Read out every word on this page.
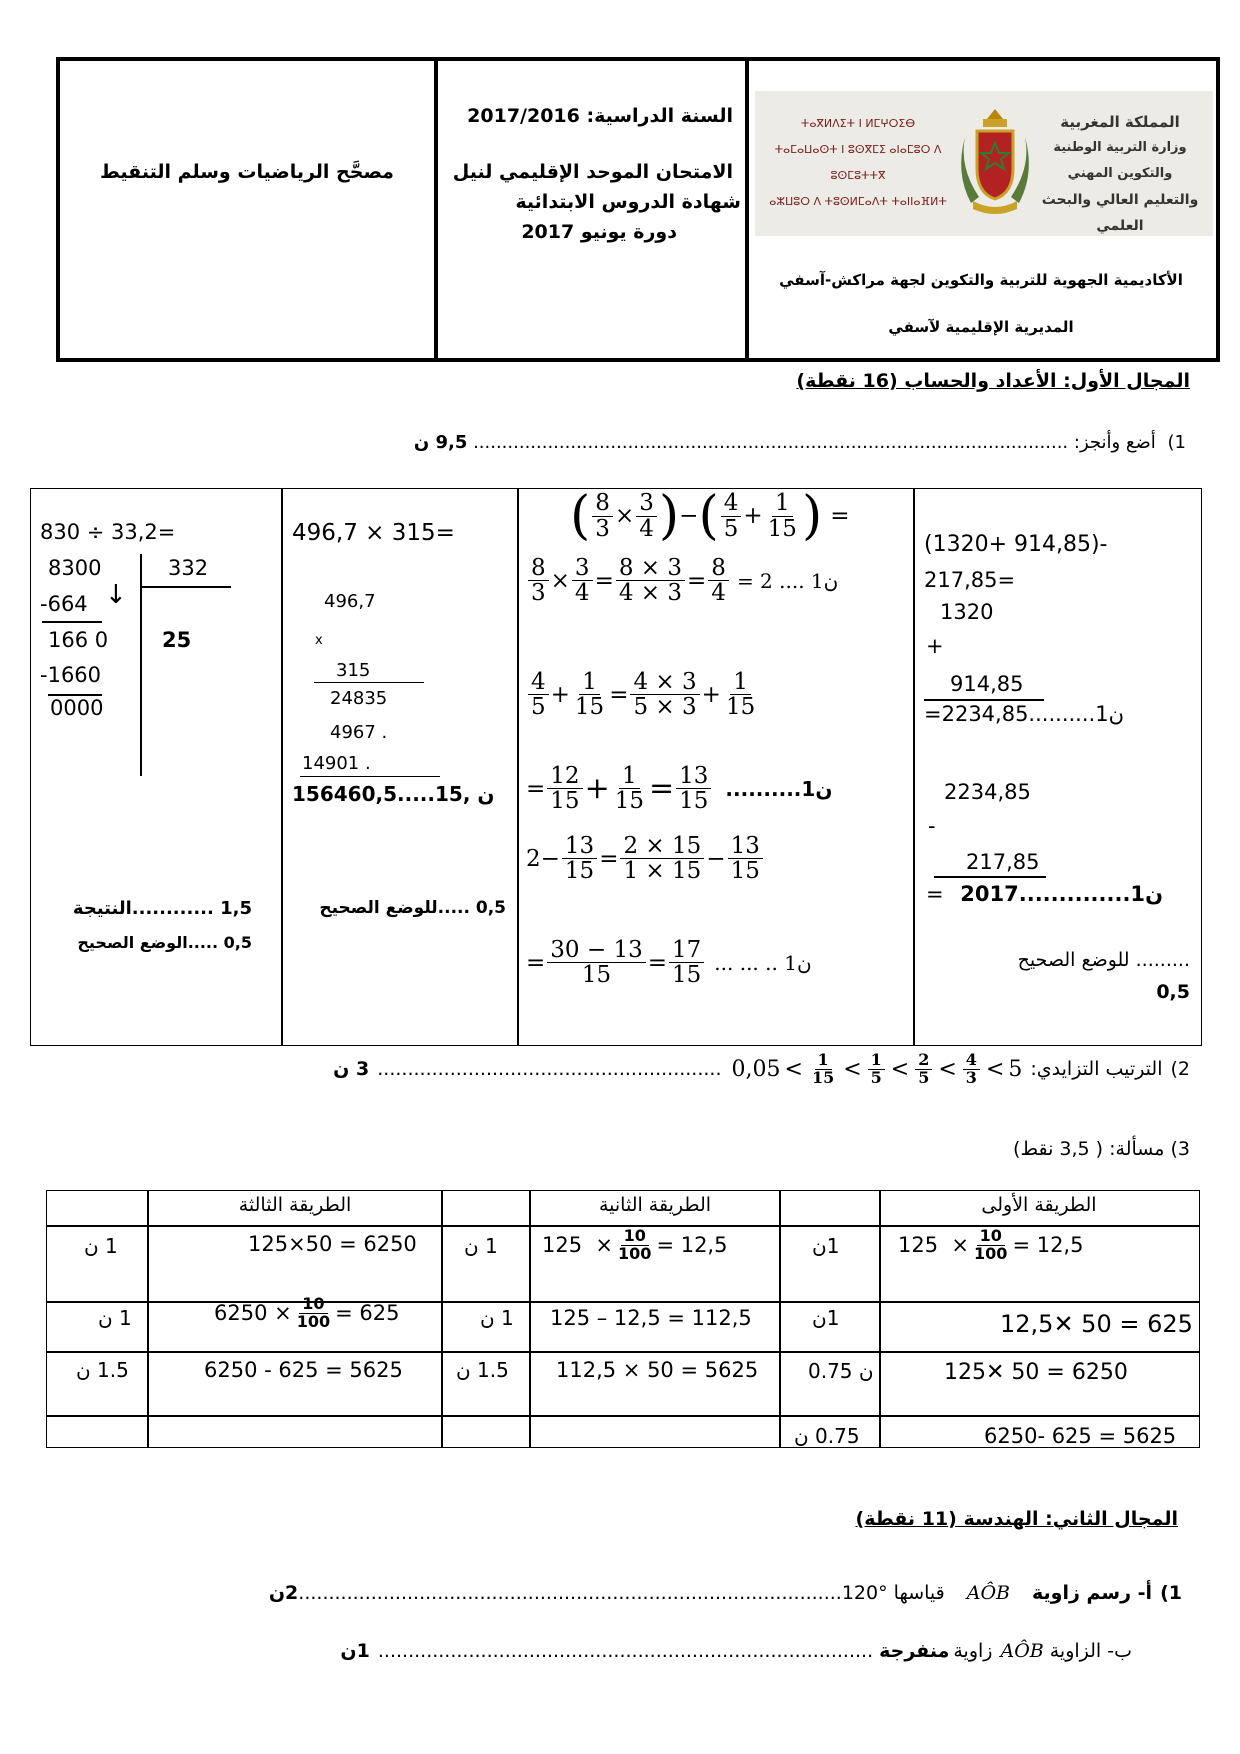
المملكة المغربية
وزارة التربية الوطنية والتكوين المهني
والتعليم العالي والبحث العلمي
ⵜⴰⴳⵍⴷⵉⵜ ⵏ ⵍⵎⵖⵔⵉⴱ
ⵜⴰⵎⴰⵡⴰⵙⵜ ⵏ ⵓⵙⴳⵎⵉ ⴰⵏⴰⵎⵓⵔ ⴷ ⵓⵙⵎⵓⵜⵜⴳ
ⴰⵣⵡⵓⵔ ⴷ ⵜⵓⵙⵍⵎⴰⴷⵜ ⵜⴰⵏⵏⴰⴼⵍⵜ
الأكاديمية الجهوية للتربية والتكوين لجهة مراكش-آسفي
المديرية الإقليمية لآسفي
السنة الدراسية: 2017/2016
الامتحان الموحد الإقليمي لنيل
شهادة الدروس الابتدائية
دورة يونيو 2017
مصحَّح الرياضيات وسلم التنقيط
المجال الأول: الأعداد والحساب (16 نقطة)
1) أضع وأنجز: ........................................................................................................ 9,5 ن
830 ÷ 33,2=
8300	332
-664 ↓
166 0	25
-1660
0000
1,5 ............النتيجة
0,5 .....الوضع الصحيح
496,7 × 315=
496,7
x
315
24835
4967 .
14901 .
156460,5.....1ن ,5
0,5 .....للوضع الصحيح
( $\frac{8}{3} \times \frac{3}{4}$ ) − ( $\frac{4}{5} + \frac{1}{15}$ ) =
$\frac{8}{3} \times \frac{3}{4} = \frac{8 \times 3}{4 \times 3} = \frac{8}{4} = 2$ .... 1ن
$\frac{4}{5} + \frac{1}{15} = \frac{4 \times 3}{5 \times 3} + \frac{1}{15}$
= $\frac{12}{15} + \frac{1}{15} = \frac{13}{15}$ ..........1ن
$2 - \frac{13}{15} = \frac{2 \times 15}{1 \times 15} - \frac{13}{15}$
= $\frac{30 - 13}{15} = \frac{17}{15}$ ... ... .. 1ن
(1320+ 914,85)-
217,85=
1320
+
914,85
=2234,85..........1ن
2234,85
-
217,85
= 2017..............1ن
......... للوضع الصحيح 0,5
2)
الترتيب التزايدي:
$0,05 < \frac{1}{15} < \frac{1}{5} < \frac{2}{5} < \frac{4}{3} < 5$
.........................................................
3 ن
3) مسألة: ( 3,5 نقط)
الطريقة الأولى
الطريقة الثانية
الطريقة الثالثة
$125 \times \frac{10}{100} = 12,5$
12,5✕ 50 = 625
125✕ 50 = 6250
6250- 625 = 5625
1ن
1ن
0.75 ن
0.75 ن
$125 \times \frac{10}{100} = 12,5$
125 – 12,5 = 112,5
112,5 × 50 = 5625
1 ن
1 ن
1.5 ن
125×50 = 6250
$6250 \times \frac{10}{100} = 625$
6250 - 625 = 5625
1 ن
1 ن
1.5 ن
المجال الثاني: الهندسة (11 نقطة)
1)
أ- رسم زاوية
AÔB
قياسها °120
..........................................................................................
2ن
ب- الزاوية
AÔB
زاوية
منفرجة
..................................................................................
1ن
